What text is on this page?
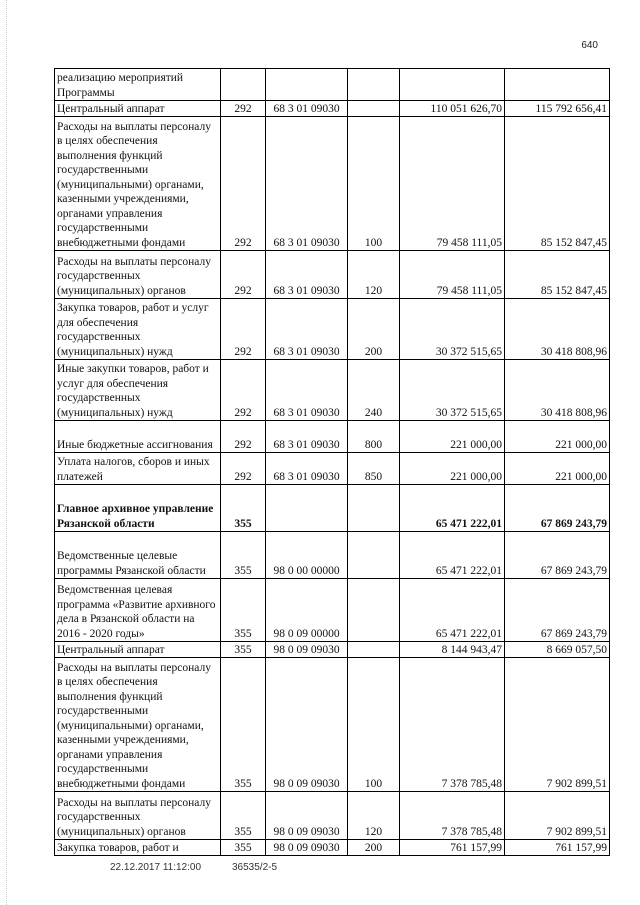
640
реализацию мероприятий Программы					
Центральный аппарат	292	68 3 01 09030		110 051 626,70	115 792 656,41
Расходы на выплаты персоналу в целях обеспечения выполнения функций государственными (муниципальными) органами, казенными учреждениями, органами управления государственными внебюджетными фондами	292	68 3 01 09030	100	79 458 111,05	85 152 847,45
Расходы на выплаты персоналу государственных (муниципальных) органов	292	68 3 01 09030	120	79 458 111,05	85 152 847,45
Закупка товаров, работ и услуг для обеспечения государственных (муниципальных) нужд	292	68 3 01 09030	200	30 372 515,65	30 418 808,96
Иные закупки товаров, работ и услуг для обеспечения государственных (муниципальных) нужд	292	68 3 01 09030	240	30 372 515,65	30 418 808,96
Иные бюджетные ассигнования	292	68 3 01 09030	800	221 000,00	221 000,00
Уплата налогов, сборов и иных платежей	292	68 3 01 09030	850	221 000,00	221 000,00
Главное архивное управление Рязанской области	355			65 471 222,01	67 869 243,79
Ведомственные целевые программы Рязанской области	355	98 0 00 00000		65 471 222,01	67 869 243,79
Ведомственная целевая программа «Развитие архивного дела в Рязанской области на 2016 - 2020 годы»	355	98 0 09 00000		65 471 222,01	67 869 243,79
Центральный аппарат	355	98 0 09 09030		8 144 943,47	8 669 057,50
Расходы на выплаты персоналу в целях обеспечения выполнения функций государственными (муниципальными) органами, казенными учреждениями, органами управления государственными внебюджетными фондами	355	98 0 09 09030	100	7 378 785,48	7 902 899,51
Расходы на выплаты персоналу государственных (муниципальных) органов	355	98 0 09 09030	120	7 378 785,48	7 902 899,51
Закупка товаров, работ и	355	98 0 09 09030	200	761 157,99	761 157,99
22.12.2017 11:12:00	36535/2-5
